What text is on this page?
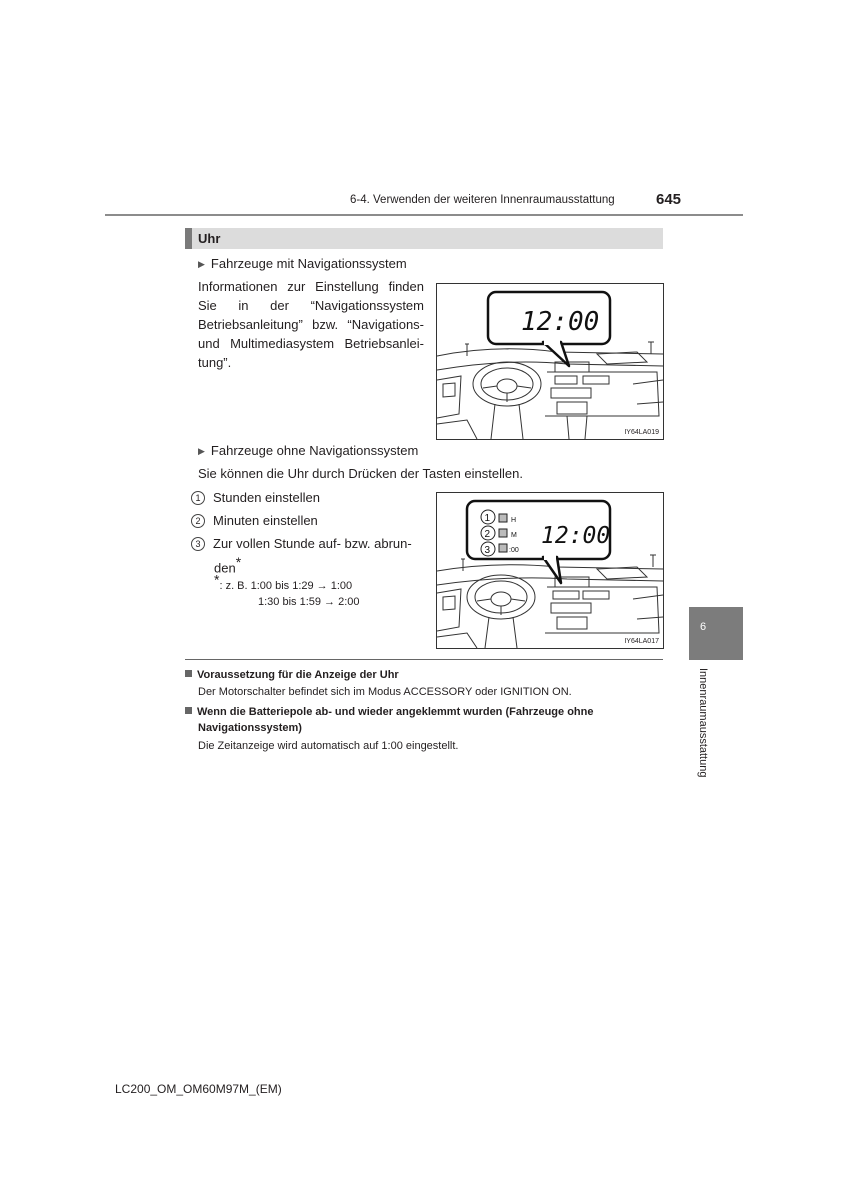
6-4. Verwenden der weiteren Innenraumausstattung	645
Uhr
▶ Fahrzeuge mit Navigationssystem
Informationen zur Einstellung finden
Sie in der “Navigationssystem
Betriebsanleitung” bzw. “Navigations-
und Multimediasystem Betriebsanlei-
tung”.
12:00
IY64LA019
▶ Fahrzeuge ohne Navigationssystem
Sie können die Uhr durch Drücken der Tasten einstellen.
1 Stunden einstellen
2 Minuten einstellen
3 Zur vollen Stunde auf- bzw. abrun-
den*
*: z. B. 1:00 bis 1:29 → 1:00
1:30 bis 1:59 → 2:00
H
M
:00
1
2
3
12:00
IY64LA017
Voraussetzung für die Anzeige der Uhr
Der Motorschalter befindet sich im Modus ACCESSORY oder IGNITION ON.
Wenn die Batteriepole ab- und wieder angeklemmt wurden (Fahrzeuge ohne
Navigationssystem)
Die Zeitanzeige wird automatisch auf 1:00 eingestellt.
6
Innenraumausstattung
LC200_OM_OM60M97M_(EM)
